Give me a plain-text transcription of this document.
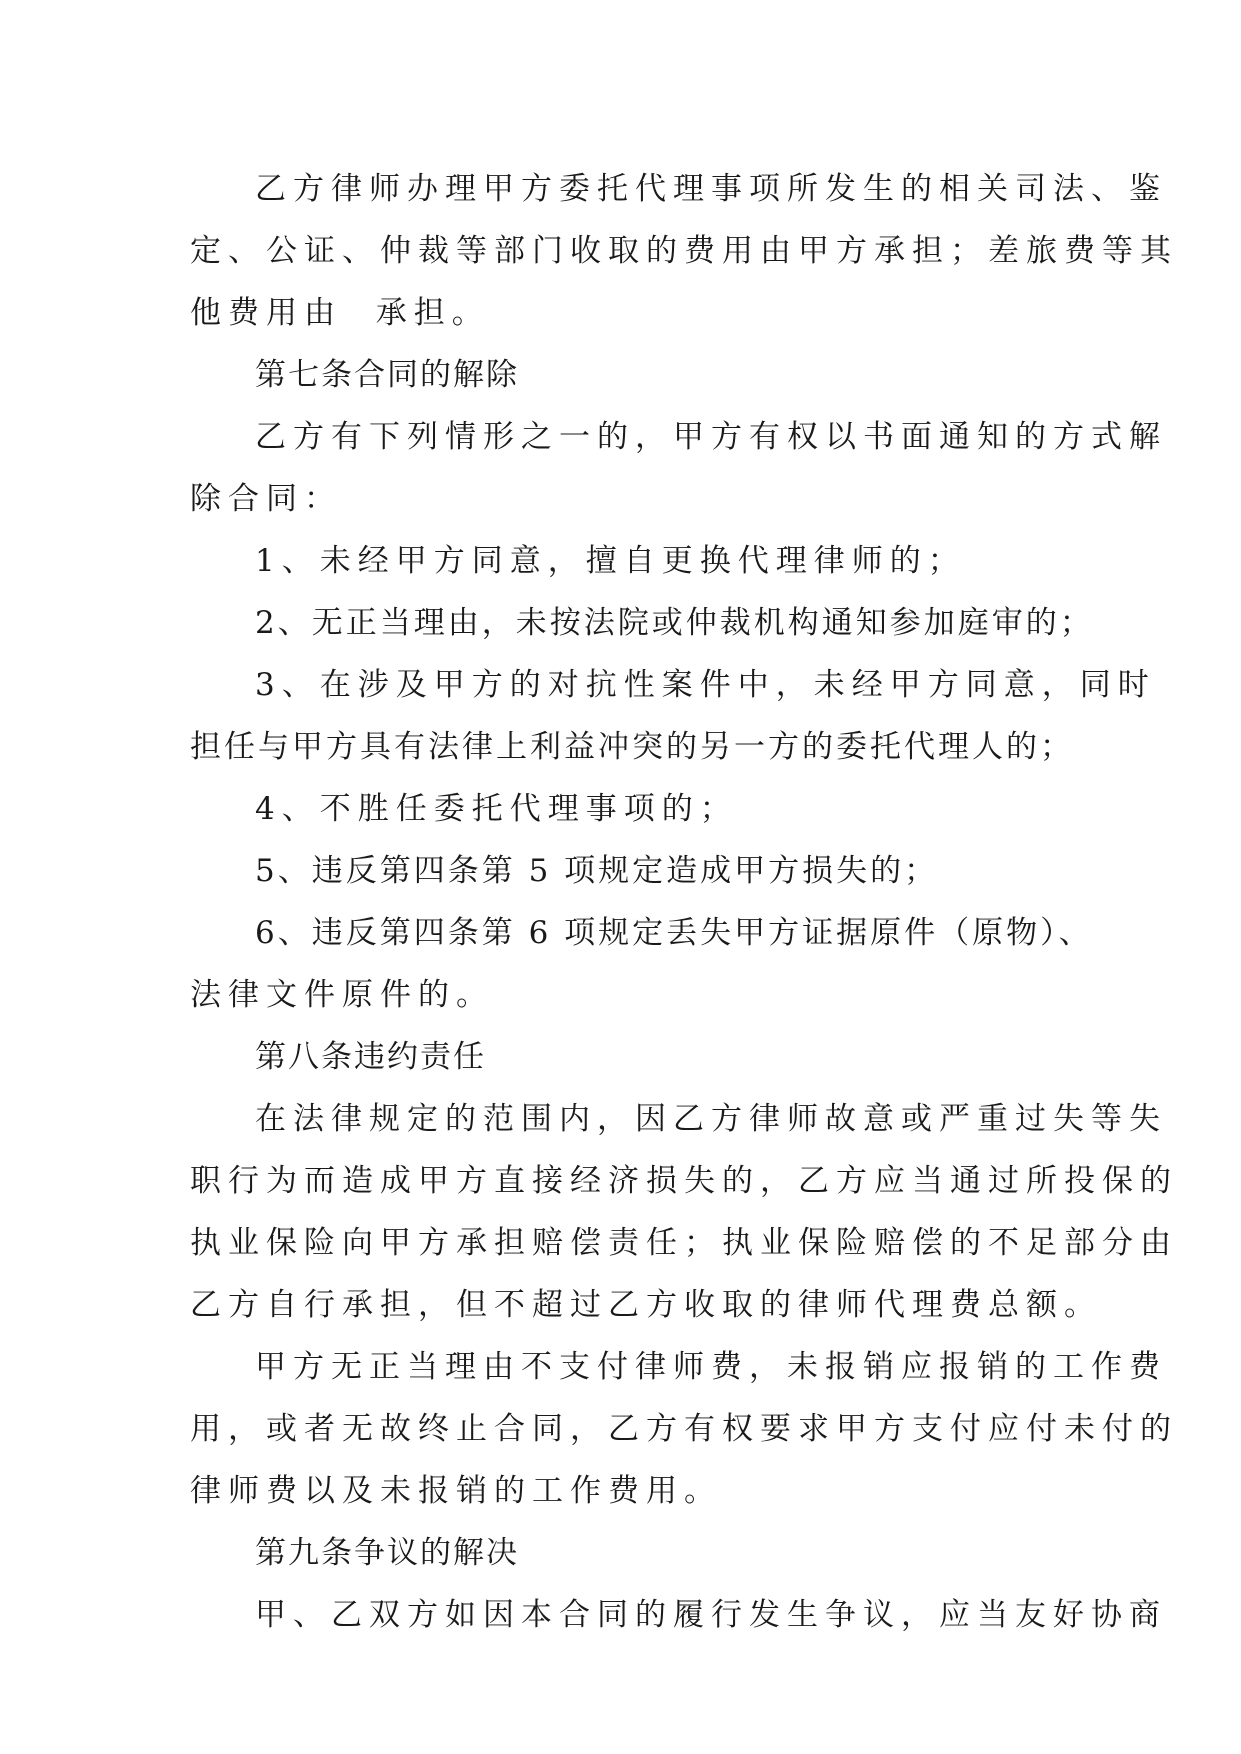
乙方律师办理甲方委托代理事项所发生的相关司法、鉴
定、公证、仲裁等部门收取的费用由甲方承担；差旅费等其
他费用由  承担。
第七条合同的解除
乙方有下列情形之一的，甲方有权以书面通知的方式解
除合同：
1、未经甲方同意，擅自更换代理律师的；
2、无正当理由，未按法院或仲裁机构通知参加庭审的；
3、在涉及甲方的对抗性案件中，未经甲方同意，同时
担任与甲方具有法律上利益冲突的另一方的委托代理人的；
4、不胜任委托代理事项的；
5、违反第四条第 5 项规定造成甲方损失的；
6、违反第四条第 6 项规定丢失甲方证据原件（原物）、
法律文件原件的。
第八条违约责任
在法律规定的范围内，因乙方律师故意或严重过失等失
职行为而造成甲方直接经济损失的，乙方应当通过所投保的
执业保险向甲方承担赔偿责任；执业保险赔偿的不足部分由
乙方自行承担，但不超过乙方收取的律师代理费总额。
甲方无正当理由不支付律师费，未报销应报销的工作费
用，或者无故终止合同，乙方有权要求甲方支付应付未付的
律师费以及未报销的工作费用。
第九条争议的解决
甲、乙双方如因本合同的履行发生争议，应当友好协商
